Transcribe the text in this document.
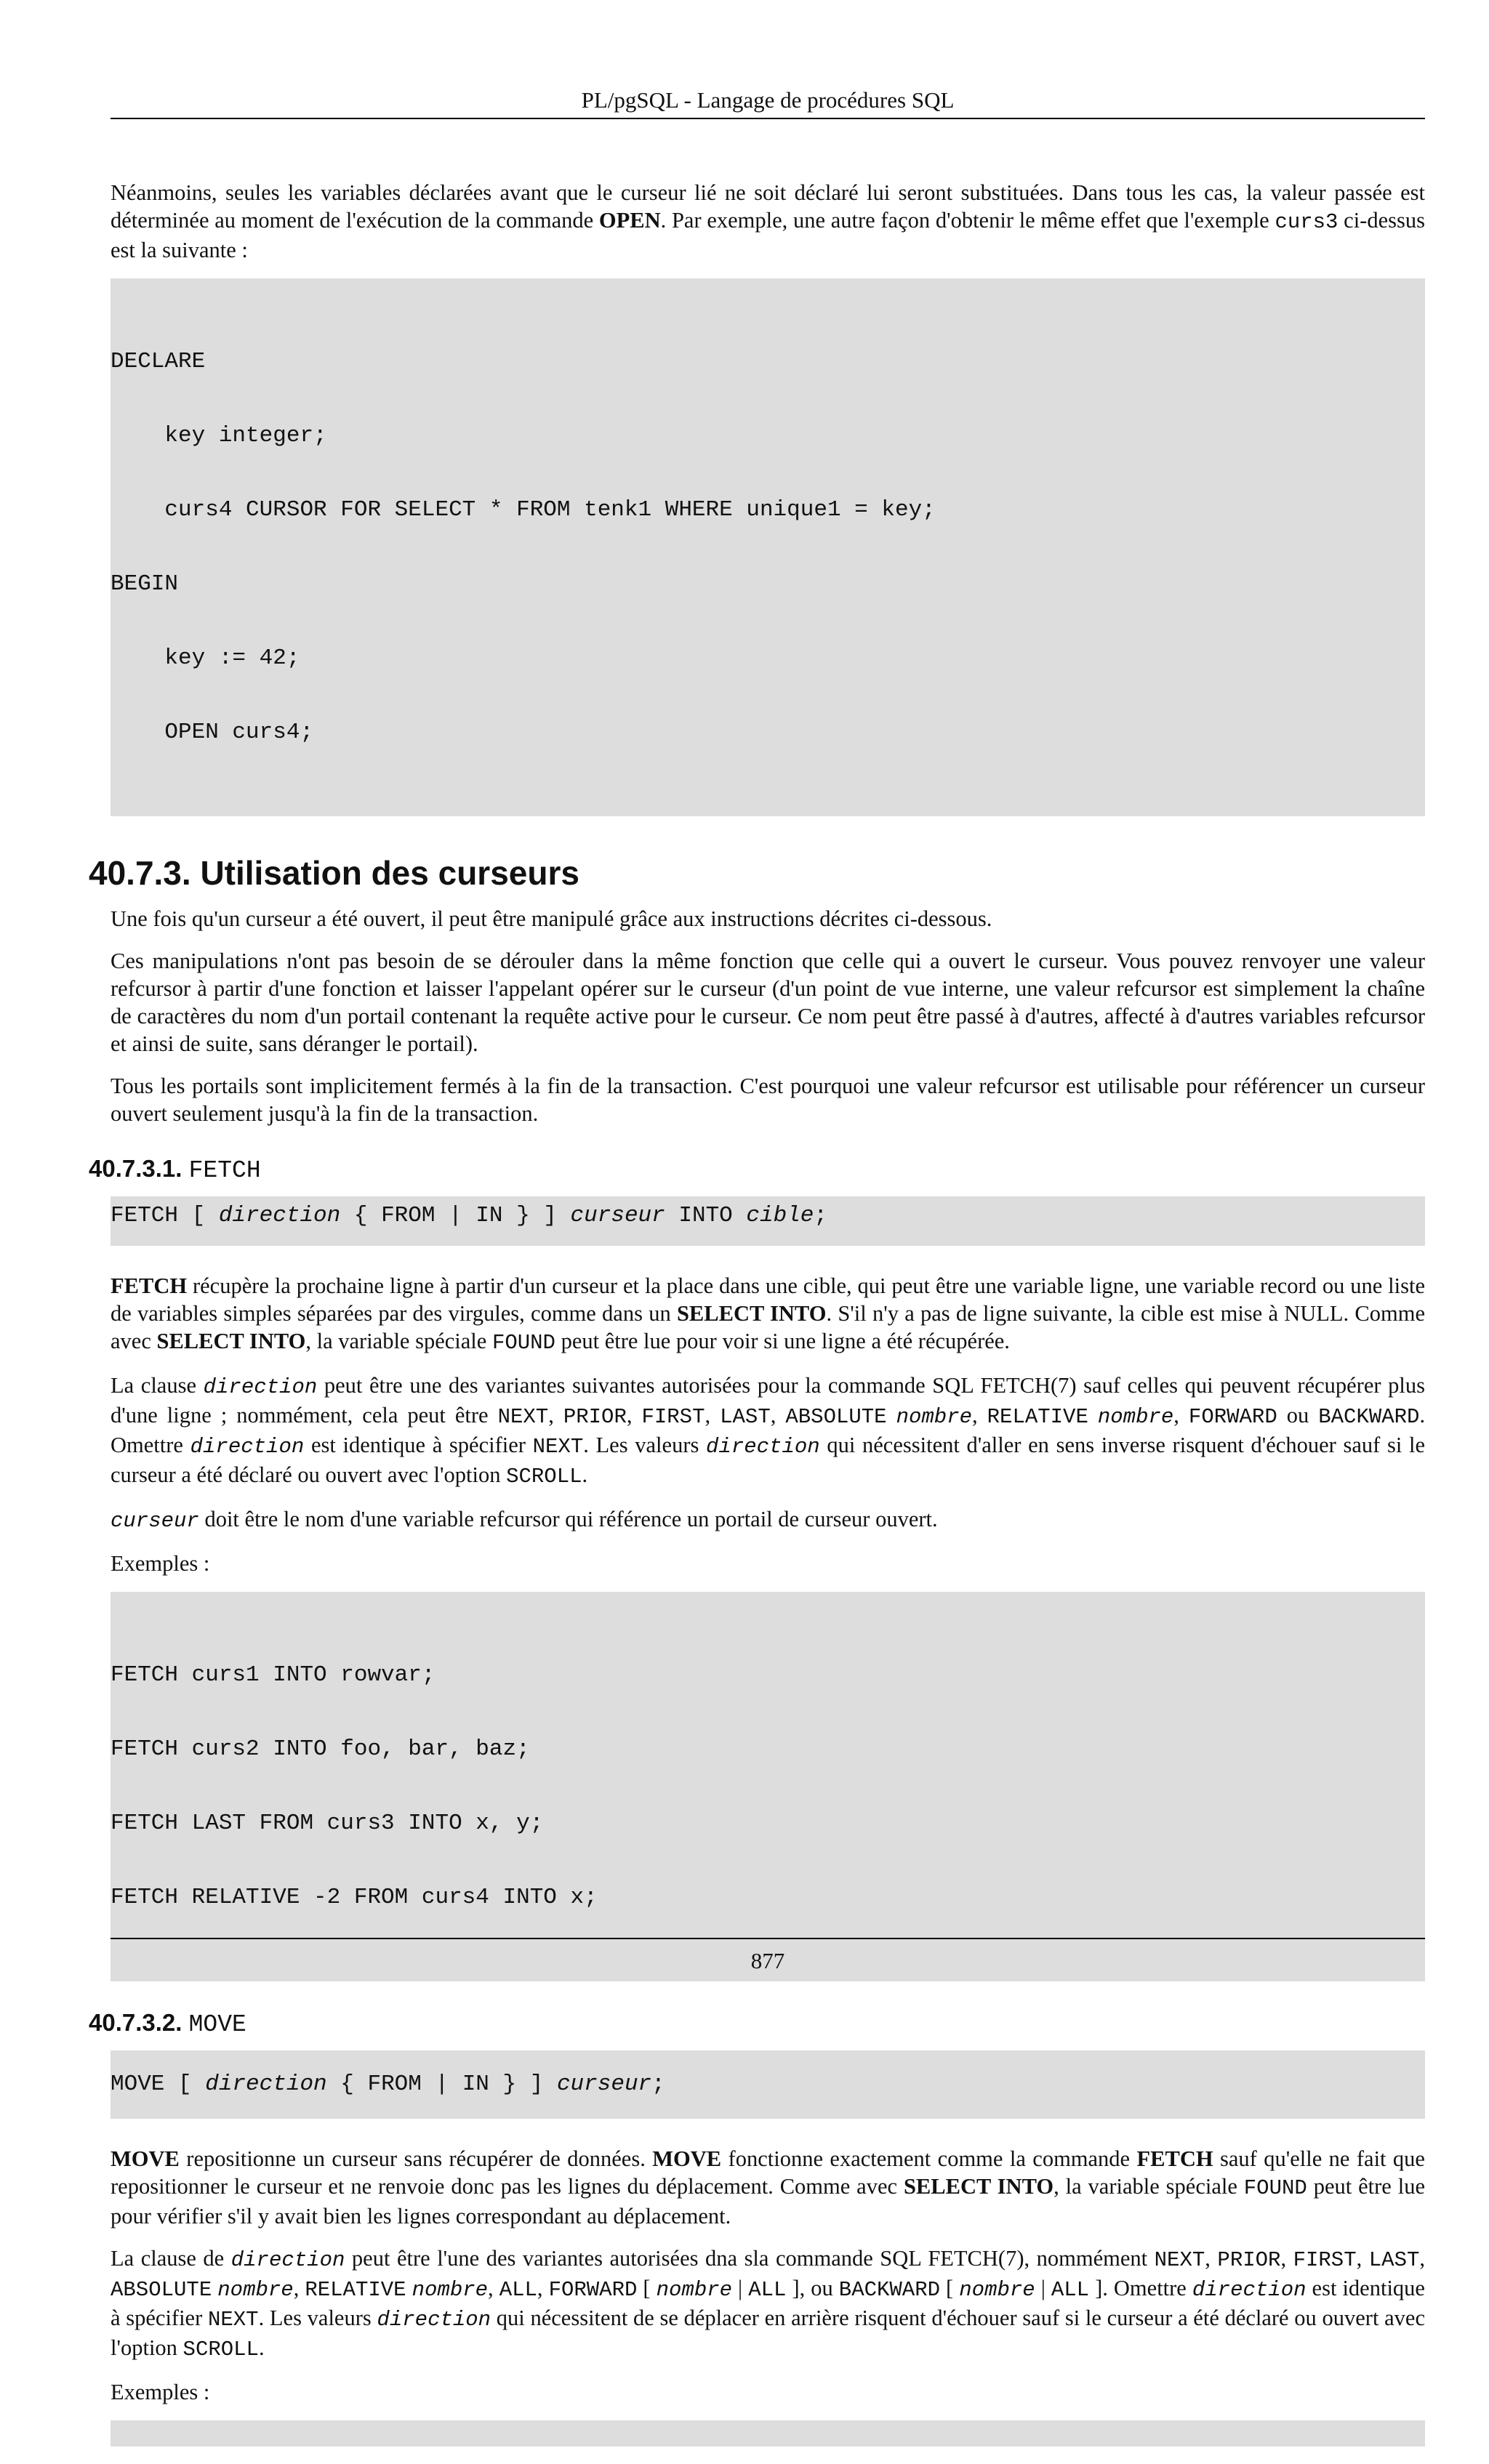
PL/pgSQL - Langage de procédures SQL

Néanmoins, seules les variables déclarées avant que le curseur lié ne soit déclaré lui seront substituées. Dans tous les cas, la valeur passée est déterminée au moment de l'exécution de la commande OPEN. Par exemple, une autre façon d'obtenir le même effet que l'exemple curs3 ci-dessus est la suivante :

DECLARE

key integer;

curs4 CURSOR FOR SELECT * FROM tenk1 WHERE unique1 = key;

BEGIN

key := 42;

OPEN curs4;

40.7.3. Utilisation des curseurs

Une fois qu'un curseur a été ouvert, il peut être manipulé grâce aux instructions décrites ci-dessous.

Ces manipulations n'ont pas besoin de se dérouler dans la même fonction que celle qui a ouvert le curseur. Vous pouvez renvoyer une valeur refcursor à partir d'une fonction et laisser l'appelant opérer sur le curseur (d'un point de vue interne, une valeur refcursor est simplement la chaîne de caractères du nom d'un portail contenant la requête active pour le curseur. Ce nom peut être passé à d'autres, affecté à d'autres variables refcursor et ainsi de suite, sans déranger le portail).

Tous les portails sont implicitement fermés à la fin de la transaction. C'est pourquoi une valeur refcursor est utilisable pour référencer un curseur ouvert seulement jusqu'à la fin de la transaction.

40.7.3.1. FETCH
FETCH [ direction { FROM | IN } ] curseur INTO cible;

FETCH récupère la prochaine ligne à partir d'un curseur et la place dans une cible, qui peut être une variable ligne, une variable record ou une liste de variables simples séparées par des virgules, comme dans un SELECT INTO. S'il n'y a pas de ligne suivante, la cible est mise à NULL. Comme avec SELECT INTO, la variable spéciale FOUND peut être lue pour voir si une ligne a été récupérée.

La clause direction peut être une des variantes suivantes autorisées pour la commande SQL FETCH(7) sauf celles qui peuvent récupérer plus d'une ligne ; nommément, cela peut être NEXT, PRIOR, FIRST, LAST, ABSOLUTE nombre, RELATIVE nombre, FORWARD ou BACKWARD. Omettre direction est identique à spécifier NEXT. Les valeurs direction qui nécessitent d'aller en sens inverse risquent d'échouer sauf si le curseur a été déclaré ou ouvert avec l'option SCROLL.

curseur doit être le nom d'une variable refcursor qui référence un portail de curseur ouvert.

Exemples :

FETCH curs1 INTO rowvar;

FETCH curs2 INTO foo, bar, baz;

FETCH LAST FROM curs3 INTO x, y;

FETCH RELATIVE -2 FROM curs4 INTO x;

40.7.3.2. MOVE
MOVE [ direction { FROM | IN } ] curseur;

MOVE repositionne un curseur sans récupérer de données. MOVE fonctionne exactement comme la commande FETCH sauf qu'elle ne fait que repositionner le curseur et ne renvoie donc pas les lignes du déplacement. Comme avec SELECT INTO, la variable spéciale FOUND peut être lue pour vérifier s'il y avait bien les lignes correspondant au déplacement.

La clause de direction peut être l'une des variantes autorisées dna sla commande SQL FETCH(7), nommément NEXT, PRIOR, FIRST, LAST, ABSOLUTE nombre, RELATIVE nombre, ALL, FORWARD [ nombre | ALL ], ou BACKWARD [ nombre | ALL ]. Omettre direction est identique à spécifier NEXT. Les valeurs direction qui nécessitent de se déplacer en arrière risquent d'échouer sauf si le curseur a été déclaré ou ouvert avec l'option SCROLL.

Exemples :

877
